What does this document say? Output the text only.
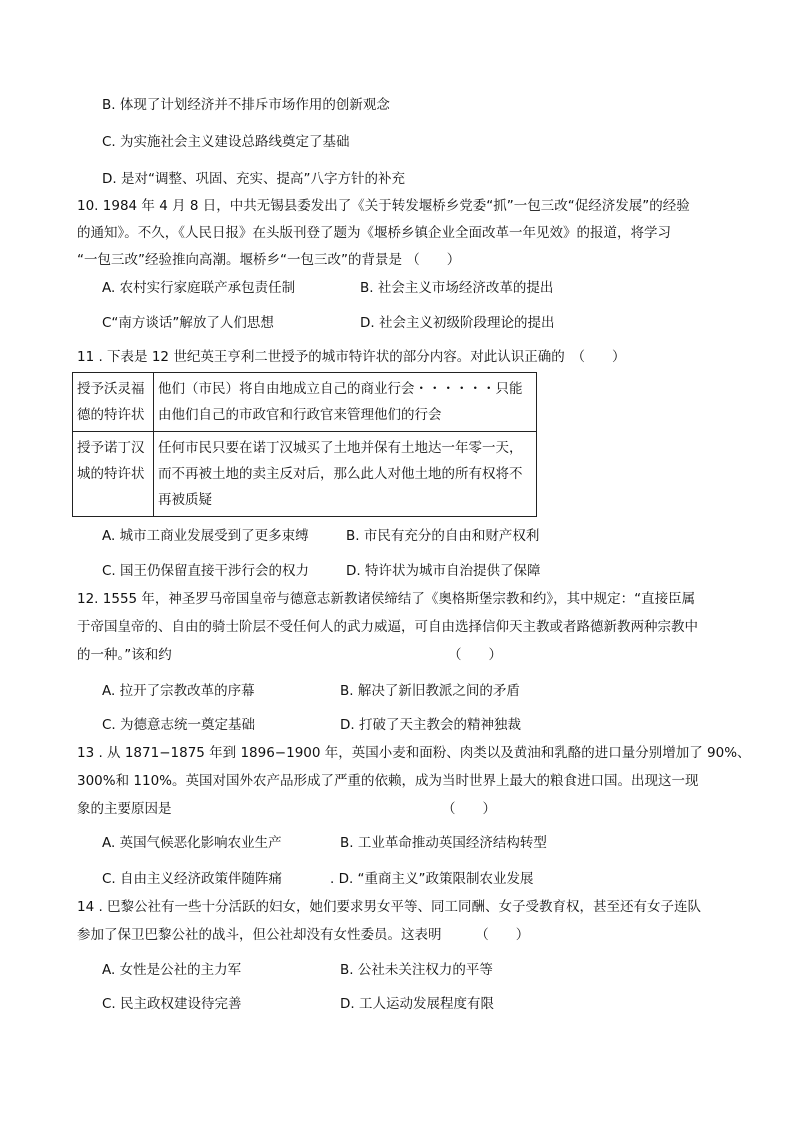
B. 体现了计划经济并不排斥市场作用的创新观念
C. 为实施社会主义建设总路线奠定了基础
D. 是对“调整、巩固、充实、提高”八字方针的补充
10. 1984 年 4 月 8 日，中共无锡县委发出了《关于转发堰桥乡党委“抓”一包三改“促经济发展”的经验
的通知》。不久，《人民日报》在头版刊登了题为《堰桥乡镇企业全面改革一年见效》的报道，将学习
“一包三改”经验推向高潮。堰桥乡“一包三改”的背景是 （　　）
A. 农村实行家庭联产承包责任制	B. 社会主义市场经济改革的提出
C“南方谈话”解放了人们思想	D. 社会主义初级阶段理论的提出
11 . 下表是 12 世纪英王亨利二世授予的城市特许状的部分内容。对此认识正确的　（　　）
授予沃灵福德的特许状	他们（市民）将自由地成立自己的商业行会・・・・・・只能由他们自己的市政官和行政官来管理他们的行会
授予诺丁汉城的特许状	任何市民只要在诺丁汉城买了土地并保有土地达一年零一天，而不再被土地的卖主反对后，那么此人对他土地的所有权将不再被质疑
A. 城市工商业发展受到了更多束缚	B. 市民有充分的自由和财产权利
C. 国王仍保留直接干涉行会的权力	D. 特许状为城市自治提供了保障
12. 1555 年，神圣罗马帝国皇帝与德意志新教诸侯缔结了《奥格斯堡宗教和约》，其中规定：“直接臣属
于帝国皇帝的、自由的骑士阶层不受任何人的武力威逼，可自由选择信仰天主教或者路德新教两种宗教中
的一种。”该和约	（　　）
A. 拉开了宗教改革的序幕	B. 解决了新旧教派之间的矛盾
C. 为德意志统一奠定基础	D. 打破了天主教会的精神独裁
13 . 从 1871−1875 年到 1896−1900 年，英国小麦和面粉、肉类以及黄油和乳酪的进口量分别增加了 90%、
300%和 110%。英国对国外农产品形成了严重的依赖，成为当时世界上最大的粮食进口国。出现这一现
象的主要原因是	（　　）
A. 英国气候恶化影响农业生产	B. 工业革命推动英国经济结构转型
C. 自由主义经济政策伴随阵痛	. D. “重商主义”政策限制农业发展
14 . 巴黎公社有一些十分活跃的妇女，她们要求男女平等、同工同酬、女子受教育权，甚至还有女子连队
参加了保卫巴黎公社的战斗，但公社却没有女性委员。这表明　　　（　　）
A. 女性是公社的主力军	B. 公社未关注权力的平等
C. 民主政权建设待完善	D. 工人运动发展程度有限
